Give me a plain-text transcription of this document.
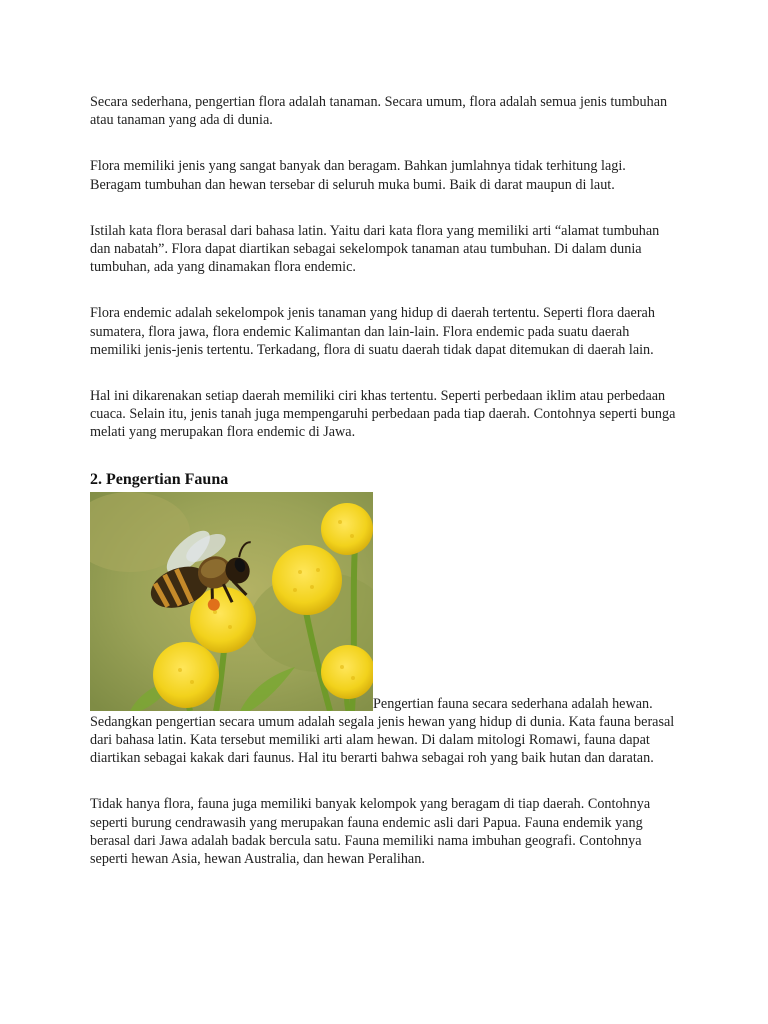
Secara sederhana, pengertian flora adalah tanaman. Secara umum, flora adalah semua jenis tumbuhan atau tanaman yang ada di dunia.

Flora memiliki jenis yang sangat banyak dan beragam. Bahkan jumlahnya tidak terhitung lagi. Beragam tumbuhan dan hewan tersebar di seluruh muka bumi. Baik di darat maupun di laut.

Istilah kata flora berasal dari bahasa latin. Yaitu dari kata flora yang memiliki arti “alamat tumbuhan dan nabatah”. Flora dapat diartikan sebagai sekelompok tanaman atau tumbuhan. Di dalam dunia tumbuhan, ada yang dinamakan flora endemic.

Flora endemic adalah sekelompok jenis tanaman yang hidup di daerah tertentu. Seperti flora daerah sumatera, flora jawa, flora endemic Kalimantan dan lain-lain. Flora endemic pada suatu daerah memiliki jenis-jenis tertentu. Terkadang, flora di suatu daerah tidak dapat ditemukan di daerah lain.

Hal ini dikarenakan setiap daerah memiliki ciri khas tertentu. Seperti perbedaan iklim atau perbedaan cuaca. Selain itu, jenis tanah juga mempengaruhi perbedaan pada tiap daerah. Contohnya seperti bunga melati yang merupakan flora endemic di Jawa.

2. Pengertian Fauna
Pengertian fauna secara sederhana adalah hewan. Sedangkan pengertian secara umum adalah segala jenis hewan yang hidup di dunia. Kata fauna berasal dari bahasa latin. Kata tersebut memiliki arti alam hewan. Di dalam mitologi Romawi, fauna dapat diartikan sebagai kakak dari faunus. Hal itu berarti bahwa sebagai roh yang baik hutan dan daratan.

Tidak hanya flora, fauna juga memiliki banyak kelompok yang beragam di tiap daerah. Contohnya seperti burung cendrawasih yang merupakan fauna endemic asli dari Papua. Fauna endemik yang berasal dari Jawa adalah badak bercula satu. Fauna memiliki nama imbuhan geografi. Contohnya seperti hewan Asia, hewan Australia, dan hewan Peralihan.
